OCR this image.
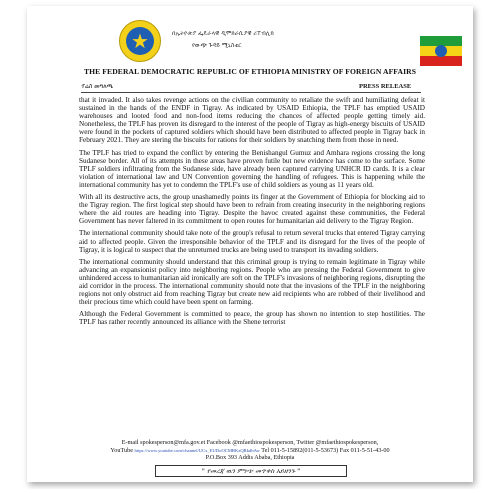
★	በኢትዮጵያ ፌዴራላዊ ዲሞክራሲያዊ ሪፐብሊክ
የውጭ ጉዳይ ሚኒስቴር
THE FEDERAL DEMOCRATIC REPUBLIC OF ETHIOPIA MINISTRY OF FOREIGN AFFAIRS
ፕሬስ መግለጫ	PRESS RELEASE

that it invaded. It also takes revenge actions on the civilian community to retaliate the swift and humiliating defeat it sustained in the hands of the ENDF in Tigray. As indicated by USAID Ethiopia, the TPLF has emptied USAID warehouses and looted food and non-food items reducing the chances of affected people getting timely aid. Nonetheless, the TPLF has proven its disregard to the interest of the people of Tigray as high-energy biscuits of USAID were found in the pockets of captured soldiers which should have been distributed to affected people in Tigray back in February 2021. They are stering the biscuits for rations for their soldiers by snatching them from those in need.

The TPLF has tried to expand the conflict by entering the Benishangul Gumuz and Amhara regions crossing the long Sudanese border. All of its attempts in these areas have proven futile but new evidence has come to the surface. Some TPLF soldiers infiltrating from the Sudanese side, have already been captured carrying UNHCR ID cards. It is a clear violation of international law and UN Convention governing the handling of refugees. This is happening while the international community has yet to condemn the TPLF's use of child soldiers as young as 11 years old.

With all its destructive acts, the group unashamedly points its finger at the Government of Ethiopia for blocking aid to the Tigray region. The first logical step should have been to refrain from creating insecurity in the neighboring regions where the aid routes are heading into Tigray. Despite the havoc created against these communities, the Federal Government has never faltered in its commitment to open routes for humanitarian aid delivery to the Tigray Region.

The international community should take note of the group's refusal to return several trucks that entered Tigray carrying aid to affected people. Given the irresponsible behavior of the TPLF and its disregard for the lives of the people of Tigray, it is logical to suspect that the unreturned trucks are being used to transport its invading soldiers.

The international community should understand that this criminal group is trying to remain legitimate in Tigray while advancing an expansionist policy into neighboring regions. People who are pressing the Federal Government to give unhindered access to humanitarian aid ironically are soft on the TPLF's invasions of neighboring regions, disrupting the aid corridor in the process. The international community should note that the invasions of the TPLF in the neighboring regions not only obstruct aid from reaching Tigray but create new aid recipients who are robbed of their livelihood and their precious time which could have been spent on farming.

Although the Federal Government is committed to peace, the group has shown no intention to step hostilities. The TPLF has rather recently announced its alliance with the Shene terrorist

E-mail spokesperson@mfa.gov.et Facebook @mfaethiospokesperson, Twitter @mfaethiospokesperson,
YouTube https://www.youtube.com/channel/UCx_EUDoOCMBKzQRkdbAw Tel 011-5-15892(011-5-53673) Fax 011-5-51-43-00
P.O.Box 393 Addis Ababa, Ethiopia
" የመረጃ ዉን ምንጭ መጥቀስ አይዘንጉ "
